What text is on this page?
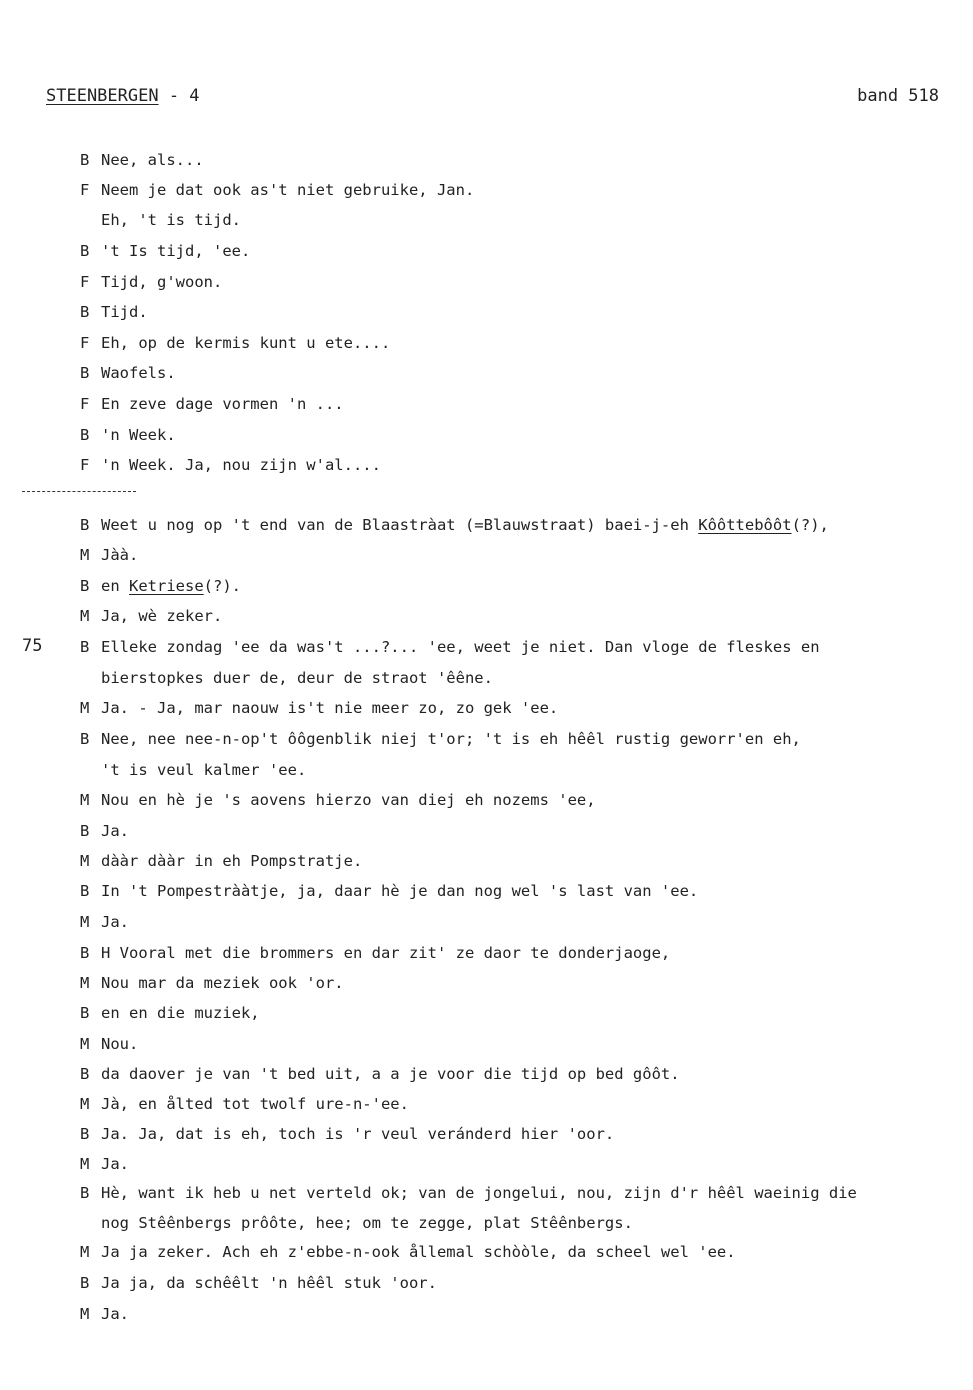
STEENBERGEN - 4	band 518
B Nee, als...
F Neem je dat ook as't niet gebruike, Jan.
Eh, 't is tijd.
B 't Is tijd, 'ee.
F Tijd, g'woon.
B Tijd.
F Eh, op de kermis kunt u ete....
B Waofels.
F En zeve dage vormen 'n ...
B 'n Week.
F 'n Week. Ja, nou zijn w'al....
B Weet u nog op 't end van de Blaastràat (=Blauwstraat) baei-j-eh Kôôttebôôt(?),
M Jàà.
B en Ketriese(?).
M Ja, wè zeker.
75 B Elleke zondag 'ee da was't ...?... 'ee, weet je niet. Dan vloge de fleskes en
bierstopkes duer de, deur de straot 'êêne.
M Ja. - Ja, mar naouw is't nie meer zo, zo gek 'ee.
B Nee, nee nee-n-op't ôôgenblik niej t'or; 't is eh hêêl rustig geworr'en eh,
't is veul kalmer 'ee.
M Nou en hè je 's aovens hierzo van diej eh nozems 'ee,
B Ja.
M dààr dààr in eh Pompstratje.
B In 't Pompestrààtje, ja, daar hè je dan nog wel 's last van 'ee.
M Ja.
B H Vooral met die brommers en dar zit' ze daor te donderjaoge,
M Nou mar da meziek ook 'or.
B en en die muziek,
M Nou.
B da daover je van 't bed uit, a a je voor die tijd op bed gôôt.
M Jà, en ålted tot twolf ure-n-'ee.
B Ja. Ja, dat is eh, toch is 'r veul veránderd hier 'oor.
M Ja.
B Hè, want ik heb u net verteld ok; van de jongelui, nou, zijn d'r hêêl waeinig die
nog Stêênbergs prôôte, hee; om te zegge, plat Stêênbergs.
M Ja ja zeker. Ach eh z'ebbe-n-ook ållemal schòòle, da scheel wel 'ee.
B Ja ja, da schêêlt 'n hêêl stuk 'oor.
M Ja.
